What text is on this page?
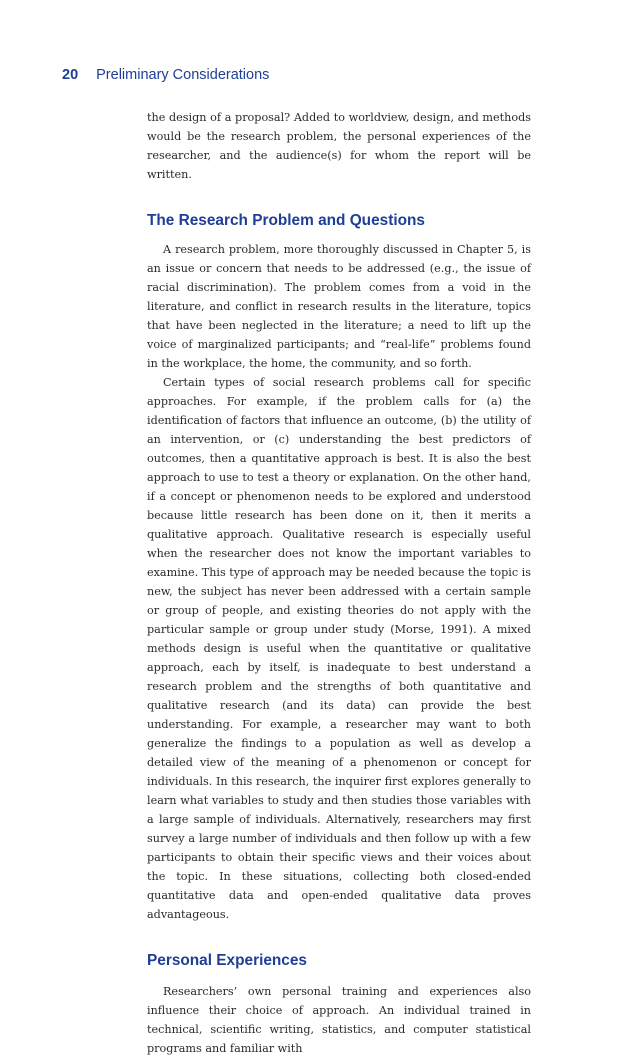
20 Preliminary Considerations

the design of a proposal? Added to worldview, design, and methods would be the research problem, the personal experiences of the researcher, and the audience(s) for whom the report will be written.

The Research Problem and Questions

A research problem, more thoroughly discussed in Chapter 5, is an issue or concern that needs to be addressed (e.g., the issue of racial discrimination). The problem comes from a void in the literature, and conflict in research results in the literature, topics that have been neglected in the literature; a need to lift up the voice of marginalized participants; and “real-life” problems found in the workplace, the home, the community, and so forth.

Certain types of social research problems call for specific approaches. For example, if the problem calls for (a) the identification of factors that influence an outcome, (b) the utility of an intervention, or (c) understanding the best predictors of outcomes, then a quantitative approach is best. It is also the best approach to use to test a theory or explanation. On the other hand, if a concept or phenomenon needs to be explored and understood because little research has been done on it, then it merits a qualitative approach. Qualitative research is especially useful when the researcher does not know the important variables to examine. This type of approach may be needed because the topic is new, the subject has never been addressed with a certain sample or group of people, and existing theories do not apply with the particular sample or group under study (Morse, 1991). A mixed methods design is useful when the quantitative or qualitative approach, each by itself, is inadequate to best understand a research problem and the strengths of both quantitative and qualitative research (and its data) can provide the best understanding. For example, a researcher may want to both generalize the findings to a population as well as develop a detailed view of the meaning of a phenomenon or concept for individuals. In this research, the inquirer first explores generally to learn what variables to study and then studies those variables with a large sample of individuals. Alternatively, researchers may first survey a large number of individuals and then follow up with a few participants to obtain their specific views and their voices about the topic. In these situations, collecting both closed-ended quantitative data and open-ended qualitative data proves advantageous.

Personal Experiences

Researchers’ own personal training and experiences also influence their choice of approach. An individual trained in technical, scientific writing, statistics, and computer statistical programs and familiar with
